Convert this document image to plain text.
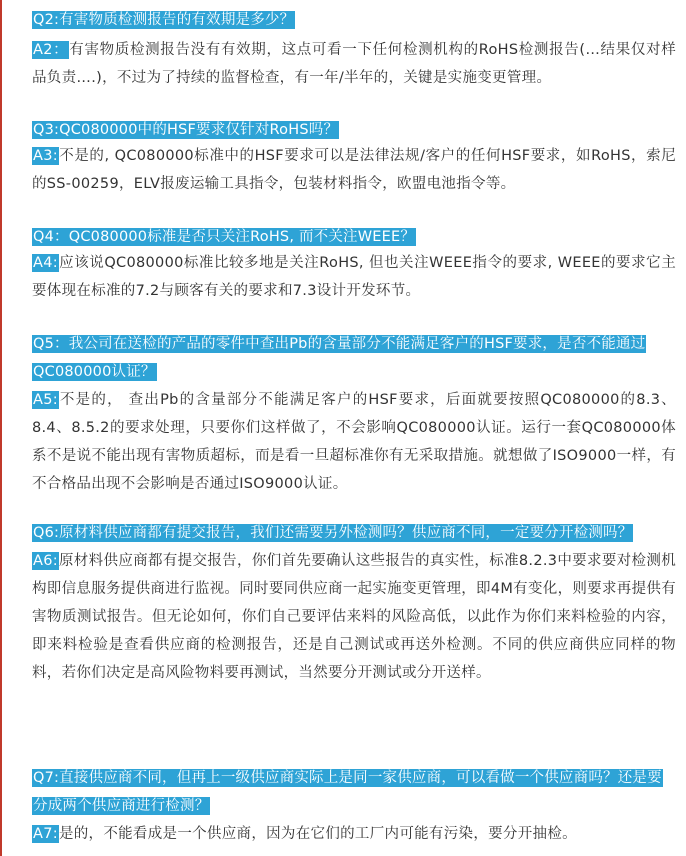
Q2:有害物质检测报告的有效期是多少？

A2：有害物质检测报告没有有效期，这点可看一下任何检测机构的RoHS检测报告(…结果仅对样品负责….)，不过为了持续的监督检查，有一年/半年的，关键是实施变更管理。

Q3:QC080000中的HSF要求仅针对RoHS吗？

A3:不是的, QC080000标准中的HSF要求可以是法律法规/客户的任何HSF要求，如RoHS，索尼的SS-00259，ELV报废运输工具指令，包装材料指令，欧盟电池指令等。

Q4：QC080000标准是否只关注RoHS, 而不关注WEEE？

A4:应该说QC080000标准比较多地是关注RoHS, 但也关注WEEE指令的要求, WEEE的要求它主要体现在标准的7.2与顾客有关的要求和7.3设计开发环节。

Q5：我公司在送检的产品的零件中查出Pb的含量部分不能满足客户的HSF要求，是否不能通过QC080000认证？

A5:不是的， 查出Pb的含量部分不能满足客户的HSF要求，后面就要按照QC080000的8.3、8.4、8.5.2的要求处理，只要你们这样做了，不会影响QC080000认证。运行一套QC080000体系不是说不能出现有害物质超标，而是看一旦超标准你有无采取措施。就想做了ISO9000一样，有不合格品出现不会影响是否通过ISO9000认证。

Q6:原材料供应商都有提交报告，我们还需要另外检测吗？供应商不同，一定要分开检测吗？

A6:原材料供应商都有提交报告，你们首先要确认这些报告的真实性，标准8.2.3中要求要对检测机构即信息服务提供商进行监视。同时要同供应商一起实施变更管理，即4M有变化，则要求再提供有害物质测试报告。但无论如何，你们自己要评估来料的风险高低，以此作为你们来料检验的内容，即来料检验是查看供应商的检测报告，还是自己测试或再送外检测。不同的供应商供应同样的物料，若你们决定是高风险物料要再测试，当然要分开测试或分开送样。

Q7:直接供应商不同，但再上一级供应商实际上是同一家供应商，可以看做一个供应商吗？还是要分成两个供应商进行检测？

A7:是的，不能看成是一个供应商，因为在它们的工厂内可能有污染，要分开抽检。
